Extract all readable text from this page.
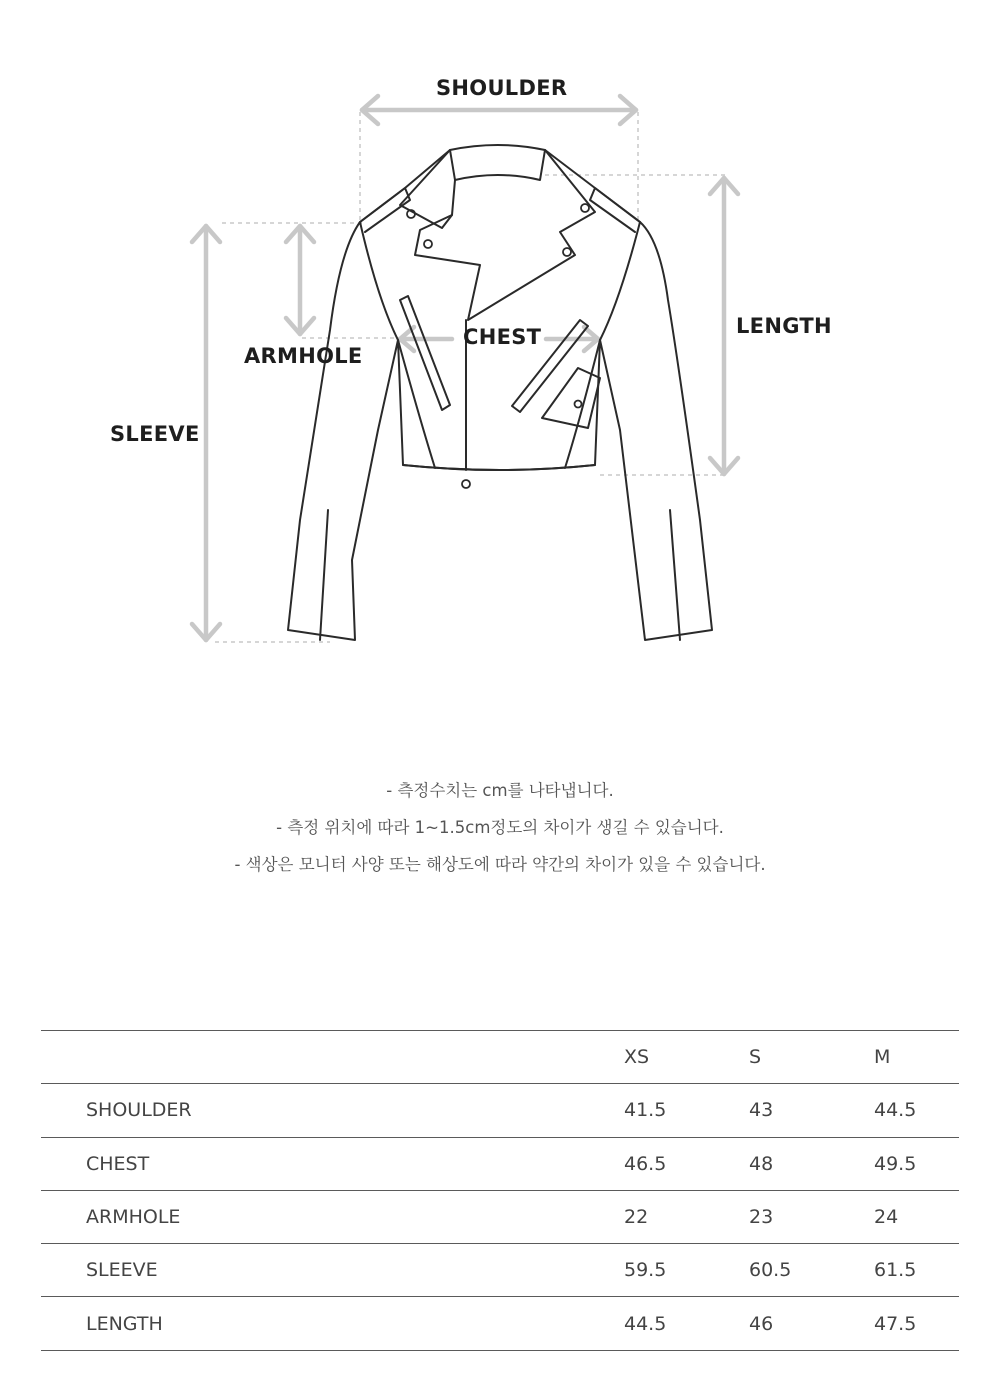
SHOULDER
CHEST
ARMHOLE
SLEEVE
LENGTH
- 측정수치는 cm를 나타냅니다.
- 측정 위치에 따라 1~1.5cm정도의 차이가 생길 수 있습니다.
- 색상은 모니터 사양 또는 해상도에 따라 약간의 차이가 있을 수 있습니다.
	XS	S	M
SHOULDER	41.5	43	44.5
CHEST	46.5	48	49.5
ARMHOLE	22	23	24
SLEEVE	59.5	60.5	61.5
LENGTH	44.5	46	47.5
